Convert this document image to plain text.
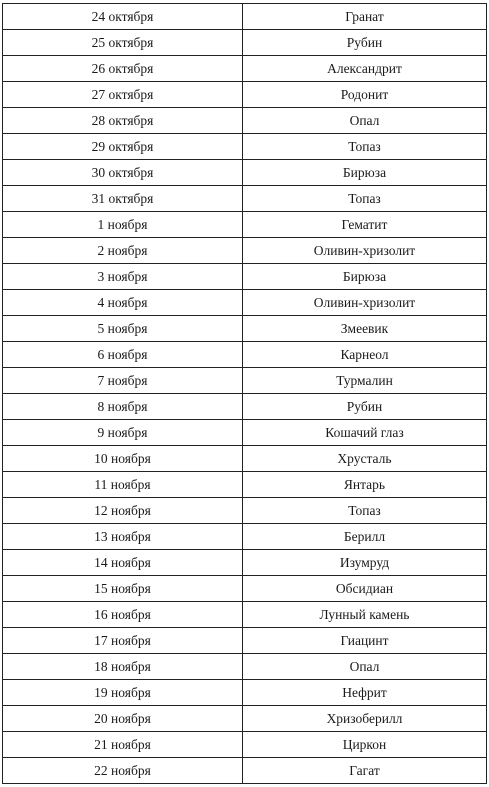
24 октября	Гранат
25 октября	Рубин
26 октября	Александрит
27 октября	Родонит
28 октября	Опал
29 октября	Топаз
30 октября	Бирюза
31 октября	Топаз
1 ноября	Гематит
2 ноября	Оливин-хризолит
3 ноября	Бирюза
4 ноября	Оливин-хризолит
5 ноября	Змеевик
6 ноября	Карнеол
7 ноября	Турмалин
8 ноября	Рубин
9 ноября	Кошачий глаз
10 ноября	Хрусталь
11 ноября	Янтарь
12 ноября	Топаз
13 ноября	Берилл
14 ноября	Изумруд
15 ноября	Обсидиан
16 ноября	Лунный камень
17 ноября	Гиацинт
18 ноября	Опал
19 ноября	Нефрит
20 ноября	Хризоберилл
21 ноября	Циркон
22 ноября	Гагат
